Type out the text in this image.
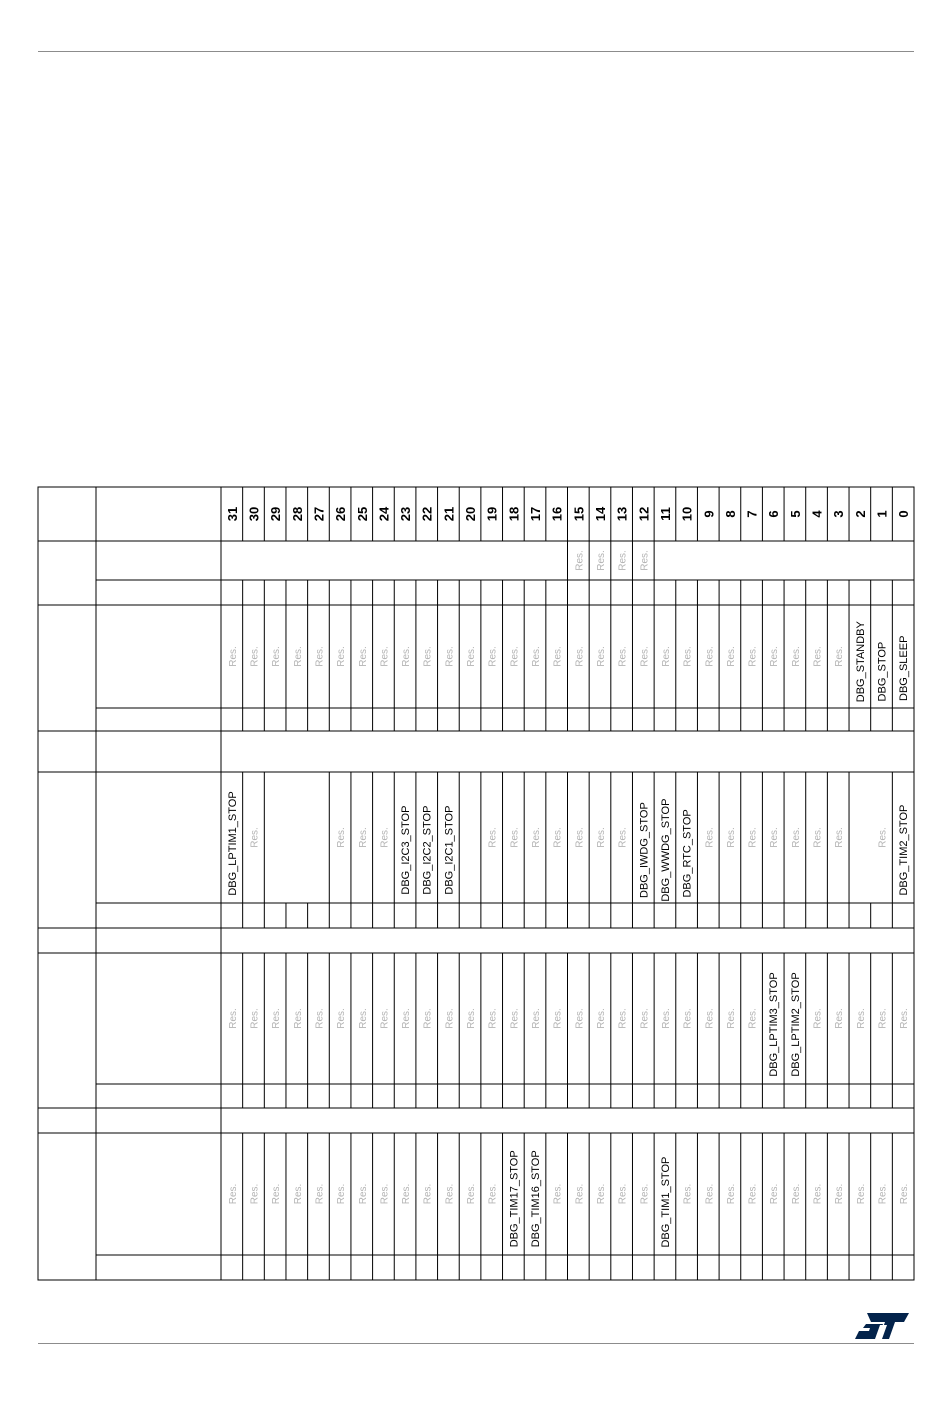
31 30 29 28 27 26 25 24 23 22 21 20 19 18 17 16 15 14 13 12 11 10 9 8 7 6 5 4 3 2 1 0
Res.
Res.
Res.
Res.
DBG_SLEEP
DBG_STOP
DBG_STANDBY
Res.
Res.
Res.
Res.
Res.
Res.
Res.
Res.
Res.
Res.
Res.
Res.
Res.
Res.
Res.
Res.
Res.
Res.
Res.
Res.
Res.
Res.
Res.
Res.
Res.
Res.
Res.
Res.
Res.
DBG_TIM2_STOP
Res.
Res.
Res.
Res.
Res.
Res.
Res.
Res.
DBG_RTC_STOP
DBG_WWDG_STOP
DBG_IWDG_STOP
Res.
Res.
Res.
Res.
Res.
Res.
Res.
DBG_I2C1_STOP
DBG_I2C2_STOP
DBG_I2C3_STOP
Res.
Res.
Res.
Res.
DBG_LPTIM1_STOP
Res.
Res.
Res.
Res.
Res.
DBG_LPTIM2_STOP
DBG_LPTIM3_STOP
Res.
Res.
Res.
Res.
Res.
Res.
Res.
Res.
Res.
Res.
Res.
Res.
Res.
Res.
Res.
Res.
Res.
Res.
Res.
Res.
Res.
Res.
Res.
Res.
Res.
Res.
Res.
Res.
Res.
Res.
Res.
Res.
Res.
Res.
Res.
Res.
DBG_TIM1_STOP
Res.
Res.
Res.
Res.
Res.
DBG_TIM16_STOP
DBG_TIM17_STOP
Res.
Res.
Res.
Res.
Res.
Res.
Res.
Res.
Res.
Res.
Res.
Res.
Res.
